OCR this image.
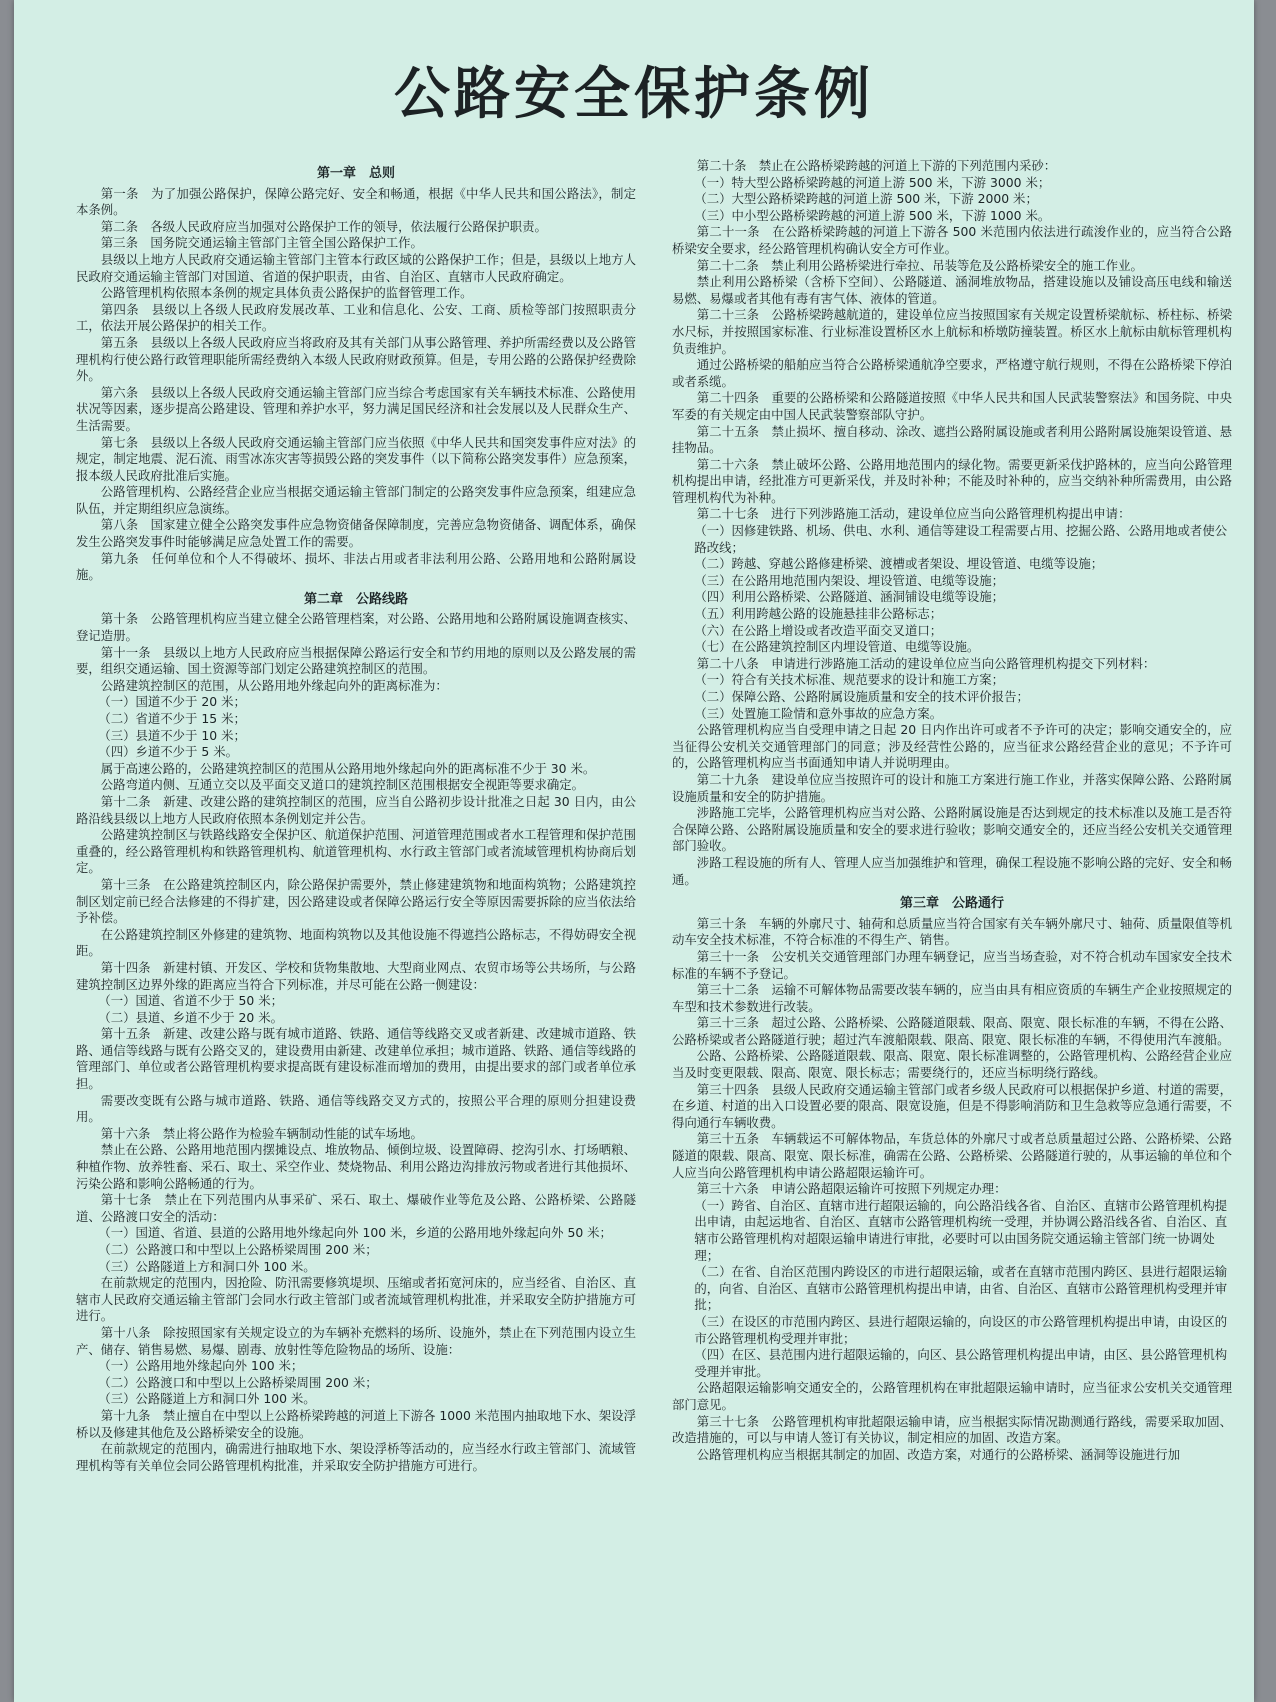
公路安全保护条例
第一章　总则

第一条　为了加强公路保护，保障公路完好、安全和畅通，根据《中华人民共和国公路法》，制定本条例。

第二条　各级人民政府应当加强对公路保护工作的领导，依法履行公路保护职责。

第三条　国务院交通运输主管部门主管全国公路保护工作。

县级以上地方人民政府交通运输主管部门主管本行政区域的公路保护工作；但是，县级以上地方人民政府交通运输主管部门对国道、省道的保护职责，由省、自治区、直辖市人民政府确定。

公路管理机构依照本条例的规定具体负责公路保护的监督管理工作。

第四条　县级以上各级人民政府发展改革、工业和信息化、公安、工商、质检等部门按照职责分工，依法开展公路保护的相关工作。

第五条　县级以上各级人民政府应当将政府及其有关部门从事公路管理、养护所需经费以及公路管理机构行使公路行政管理职能所需经费纳入本级人民政府财政预算。但是，专用公路的公路保护经费除外。

第六条　县级以上各级人民政府交通运输主管部门应当综合考虑国家有关车辆技术标准、公路使用状况等因素，逐步提高公路建设、管理和养护水平，努力满足国民经济和社会发展以及人民群众生产、生活需要。

第七条　县级以上各级人民政府交通运输主管部门应当依照《中华人民共和国突发事件应对法》的规定，制定地震、泥石流、雨雪冰冻灾害等损毁公路的突发事件（以下简称公路突发事件）应急预案，报本级人民政府批准后实施。

公路管理机构、公路经营企业应当根据交通运输主管部门制定的公路突发事件应急预案，组建应急队伍，并定期组织应急演练。

第八条　国家建立健全公路突发事件应急物资储备保障制度，完善应急物资储备、调配体系，确保发生公路突发事件时能够满足应急处置工作的需要。

第九条　任何单位和个人不得破坏、损坏、非法占用或者非法利用公路、公路用地和公路附属设施。

第二章　公路线路

第十条　公路管理机构应当建立健全公路管理档案，对公路、公路用地和公路附属设施调查核实、登记造册。

第十一条　县级以上地方人民政府应当根据保障公路运行安全和节约用地的原则以及公路发展的需要，组织交通运输、国土资源等部门划定公路建筑控制区的范围。

公路建筑控制区的范围，从公路用地外缘起向外的距离标准为：

（一）国道不少于 20 米；

（二）省道不少于 15 米；

（三）县道不少于 10 米；

（四）乡道不少于 5 米。

属于高速公路的，公路建筑控制区的范围从公路用地外缘起向外的距离标准不少于 30 米。

公路弯道内侧、互通立交以及平面交叉道口的建筑控制区范围根据安全视距等要求确定。

第十二条　新建、改建公路的建筑控制区的范围，应当自公路初步设计批准之日起 30 日内，由公路沿线县级以上地方人民政府依照本条例划定并公告。

公路建筑控制区与铁路线路安全保护区、航道保护范围、河道管理范围或者水工程管理和保护范围重叠的，经公路管理机构和铁路管理机构、航道管理机构、水行政主管部门或者流域管理机构协商后划定。

第十三条　在公路建筑控制区内，除公路保护需要外，禁止修建建筑物和地面构筑物；公路建筑控制区划定前已经合法修建的不得扩建，因公路建设或者保障公路运行安全等原因需要拆除的应当依法给予补偿。

在公路建筑控制区外修建的建筑物、地面构筑物以及其他设施不得遮挡公路标志，不得妨碍安全视距。

第十四条　新建村镇、开发区、学校和货物集散地、大型商业网点、农贸市场等公共场所，与公路建筑控制区边界外缘的距离应当符合下列标准，并尽可能在公路一侧建设：

（一）国道、省道不少于 50 米；

（二）县道、乡道不少于 20 米。

第十五条　新建、改建公路与既有城市道路、铁路、通信等线路交叉或者新建、改建城市道路、铁路、通信等线路与既有公路交叉的，建设费用由新建、改建单位承担；城市道路、铁路、通信等线路的管理部门、单位或者公路管理机构要求提高既有建设标准而增加的费用，由提出要求的部门或者单位承担。

需要改变既有公路与城市道路、铁路、通信等线路交叉方式的，按照公平合理的原则分担建设费用。

第十六条　禁止将公路作为检验车辆制动性能的试车场地。

禁止在公路、公路用地范围内摆摊设点、堆放物品、倾倒垃圾、设置障碍、挖沟引水、打场晒粮、种植作物、放养牲畜、采石、取土、采空作业、焚烧物品、利用公路边沟排放污物或者进行其他损坏、污染公路和影响公路畅通的行为。

第十七条　禁止在下列范围内从事采矿、采石、取土、爆破作业等危及公路、公路桥梁、公路隧道、公路渡口安全的活动：

（一）国道、省道、县道的公路用地外缘起向外 100 米，乡道的公路用地外缘起向外 50 米；

（二）公路渡口和中型以上公路桥梁周围 200 米；

（三）公路隧道上方和洞口外 100 米。

在前款规定的范围内，因抢险、防汛需要修筑堤坝、压缩或者拓宽河床的，应当经省、自治区、直辖市人民政府交通运输主管部门会同水行政主管部门或者流域管理机构批准，并采取安全防护措施方可进行。

第十八条　除按照国家有关规定设立的为车辆补充燃料的场所、设施外，禁止在下列范围内设立生产、储存、销售易燃、易爆、剧毒、放射性等危险物品的场所、设施：

（一）公路用地外缘起向外 100 米；

（二）公路渡口和中型以上公路桥梁周围 200 米；

（三）公路隧道上方和洞口外 100 米。

第十九条　禁止擅自在中型以上公路桥梁跨越的河道上下游各 1000 米范围内抽取地下水、架设浮桥以及修建其他危及公路桥梁安全的设施。

在前款规定的范围内，确需进行抽取地下水、架设浮桥等活动的，应当经水行政主管部门、流域管理机构等有关单位会同公路管理机构批准，并采取安全防护措施方可进行。

第二十条　禁止在公路桥梁跨越的河道上下游的下列范围内采砂：

（一）特大型公路桥梁跨越的河道上游 500 米，下游 3000 米；

（二）大型公路桥梁跨越的河道上游 500 米，下游 2000 米；

（三）中小型公路桥梁跨越的河道上游 500 米，下游 1000 米。

第二十一条　在公路桥梁跨越的河道上下游各 500 米范围内依法进行疏浚作业的，应当符合公路桥梁安全要求，经公路管理机构确认安全方可作业。

第二十二条　禁止利用公路桥梁进行牵拉、吊装等危及公路桥梁安全的施工作业。

禁止利用公路桥梁（含桥下空间）、公路隧道、涵洞堆放物品，搭建设施以及铺设高压电线和输送易燃、易爆或者其他有毒有害气体、液体的管道。

第二十三条　公路桥梁跨越航道的，建设单位应当按照国家有关规定设置桥梁航标、桥柱标、桥梁水尺标，并按照国家标准、行业标准设置桥区水上航标和桥墩防撞装置。桥区水上航标由航标管理机构负责维护。

通过公路桥梁的船舶应当符合公路桥梁通航净空要求，严格遵守航行规则，不得在公路桥梁下停泊或者系缆。

第二十四条　重要的公路桥梁和公路隧道按照《中华人民共和国人民武装警察法》和国务院、中央军委的有关规定由中国人民武装警察部队守护。

第二十五条　禁止损坏、擅自移动、涂改、遮挡公路附属设施或者利用公路附属设施架设管道、悬挂物品。

第二十六条　禁止破坏公路、公路用地范围内的绿化物。需要更新采伐护路林的，应当向公路管理机构提出申请，经批准方可更新采伐，并及时补种；不能及时补种的，应当交纳补种所需费用，由公路管理机构代为补种。

第二十七条　进行下列涉路施工活动，建设单位应当向公路管理机构提出申请：

（一）因修建铁路、机场、供电、水利、通信等建设工程需要占用、挖掘公路、公路用地或者使公路改线；

（二）跨越、穿越公路修建桥梁、渡槽或者架设、埋设管道、电缆等设施；

（三）在公路用地范围内架设、埋设管道、电缆等设施；

（四）利用公路桥梁、公路隧道、涵洞铺设电缆等设施；

（五）利用跨越公路的设施悬挂非公路标志；

（六）在公路上增设或者改造平面交叉道口；

（七）在公路建筑控制区内埋设管道、电缆等设施。

第二十八条　申请进行涉路施工活动的建设单位应当向公路管理机构提交下列材料：

（一）符合有关技术标准、规范要求的设计和施工方案；

（二）保障公路、公路附属设施质量和安全的技术评价报告；

（三）处置施工险情和意外事故的应急方案。

公路管理机构应当自受理申请之日起 20 日内作出许可或者不予许可的决定；影响交通安全的，应当征得公安机关交通管理部门的同意；涉及经营性公路的，应当征求公路经营企业的意见；不予许可的，公路管理机构应当书面通知申请人并说明理由。

第二十九条　建设单位应当按照许可的设计和施工方案进行施工作业，并落实保障公路、公路附属设施质量和安全的防护措施。

涉路施工完毕，公路管理机构应当对公路、公路附属设施是否达到规定的技术标准以及施工是否符合保障公路、公路附属设施质量和安全的要求进行验收；影响交通安全的，还应当经公安机关交通管理部门验收。

涉路工程设施的所有人、管理人应当加强维护和管理，确保工程设施不影响公路的完好、安全和畅通。

第三章　公路通行

第三十条　车辆的外廓尺寸、轴荷和总质量应当符合国家有关车辆外廓尺寸、轴荷、质量限值等机动车安全技术标准，不符合标准的不得生产、销售。

第三十一条　公安机关交通管理部门办理车辆登记，应当当场查验，对不符合机动车国家安全技术标准的车辆不予登记。

第三十二条　运输不可解体物品需要改装车辆的，应当由具有相应资质的车辆生产企业按照规定的车型和技术参数进行改装。

第三十三条　超过公路、公路桥梁、公路隧道限载、限高、限宽、限长标准的车辆，不得在公路、公路桥梁或者公路隧道行驶；超过汽车渡船限载、限高、限宽、限长标准的车辆，不得使用汽车渡船。

公路、公路桥梁、公路隧道限载、限高、限宽、限长标准调整的，公路管理机构、公路经营企业应当及时变更限载、限高、限宽、限长标志；需要绕行的，还应当标明绕行路线。

第三十四条　县级人民政府交通运输主管部门或者乡级人民政府可以根据保护乡道、村道的需要，在乡道、村道的出入口设置必要的限高、限宽设施，但是不得影响消防和卫生急救等应急通行需要，不得向通行车辆收费。

第三十五条　车辆载运不可解体物品，车货总体的外廓尺寸或者总质量超过公路、公路桥梁、公路隧道的限载、限高、限宽、限长标准，确需在公路、公路桥梁、公路隧道行驶的，从事运输的单位和个人应当向公路管理机构申请公路超限运输许可。

第三十六条　申请公路超限运输许可按照下列规定办理：

（一）跨省、自治区、直辖市进行超限运输的，向公路沿线各省、自治区、直辖市公路管理机构提出申请，由起运地省、自治区、直辖市公路管理机构统一受理，并协调公路沿线各省、自治区、直辖市公路管理机构对超限运输申请进行审批，必要时可以由国务院交通运输主管部门统一协调处理；

（二）在省、自治区范围内跨设区的市进行超限运输，或者在直辖市范围内跨区、县进行超限运输的，向省、自治区、直辖市公路管理机构提出申请，由省、自治区、直辖市公路管理机构受理并审批；

（三）在设区的市范围内跨区、县进行超限运输的，向设区的市公路管理机构提出申请，由设区的市公路管理机构受理并审批；

（四）在区、县范围内进行超限运输的，向区、县公路管理机构提出申请，由区、县公路管理机构受理并审批。

公路超限运输影响交通安全的，公路管理机构在审批超限运输申请时，应当征求公安机关交通管理部门意见。

第三十七条　公路管理机构审批超限运输申请，应当根据实际情况勘测通行路线，需要采取加固、改造措施的，可以与申请人签订有关协议，制定相应的加固、改造方案。

公路管理机构应当根据其制定的加固、改造方案，对通行的公路桥梁、涵洞等设施进行加
